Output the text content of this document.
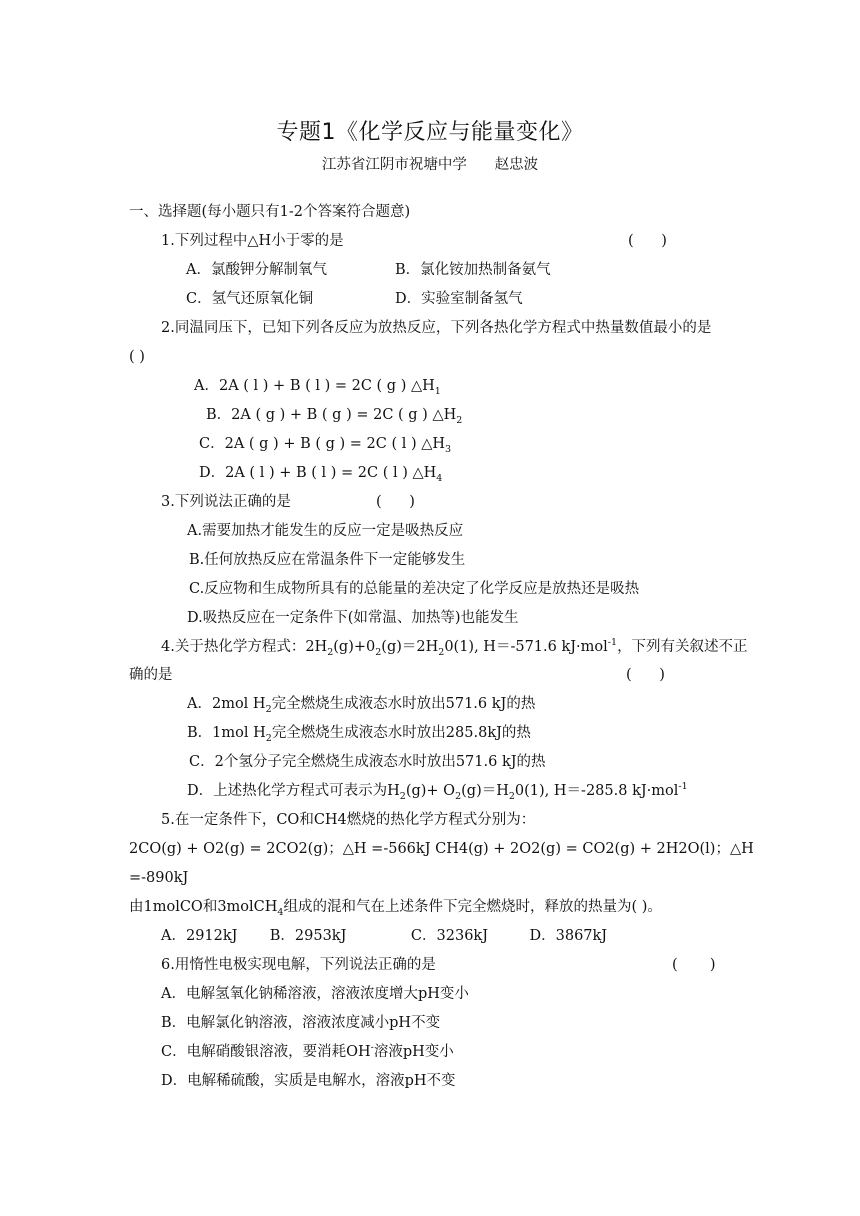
专题1《化学反应与能量变化》
江苏省江阴市祝塘中学      赵忠波
一、选择题(每小题只有1-2个答案符合题意)
1.下列过程中△H小于零的是	(      )
A．氯酸钾分解制氧气	B．氯化铵加热制备氨气
C．氢气还原氧化铜	D．实验室制备氢气
2.同温同压下，已知下列各反应为放热反应，下列各热化学方程式中热量数值最小的是
( )
A．2A ( l ) + B ( l ) = 2C ( g ) $\triangle H_1$
B．2A ( g ) + B ( g ) = 2C ( g ) $\triangle H_2$
C．2A ( g ) + B ( g ) = 2C ( l ) $\triangle H_3$
D．2A ( l ) + B ( l ) = 2C ( l ) $\triangle H_4$
3.下列说法正确的是	(      )
A.需要加热才能发生的反应一定是吸热反应
B.任何放热反应在常温条件下一定能够发生
C.反应物和生成物所具有的总能量的差决定了化学反应是放热还是吸热
D.吸热反应在一定条件下(如常温、加热等)也能发生
4.关于热化学方程式：$2H_2(g)+0_2(g)=2H_20(1)$, H＝-571.6 kJ·mol$^{-1}$，下列有关叙述不正
确的是	(      )
A．2mol $H_2$完全燃烧生成液态水时放出571.6 kJ的热
B．1mol $H_2$完全燃烧生成液态水时放出285.8kJ的热
C．2个氢分子完全燃烧生成液态水时放出571.6 kJ的热
D．上述热化学方程式可表示为$H_2(g)+ O_2(g)=H_20(1)$, H＝-285.8 kJ·mol$^{-1}$
5.在一定条件下，CO和CH4燃烧的热化学方程式分别为：
2CO(g) + O2(g) = 2CO2(g)；△H =-566kJ CH4(g) + 2O2(g) = CO2(g) + 2H2O(l)；△H
=-890kJ
由1molCO和3molCH$_4$组成的混和气在上述条件下完全燃烧时，释放的热量为( )。
A．2912kJ       B．2953kJ              C．3236kJ         D．3867kJ
6.用惰性电极实现电解，下列说法正确的是	(       )
A．电解氢氧化钠稀溶液，溶液浓度增大pH变小
B．电解氯化钠溶液，溶液浓度减小pH不变
C．电解硝酸银溶液，要消耗OH-溶液pH变小
D．电解稀硫酸，实质是电解水，溶液pH不变
